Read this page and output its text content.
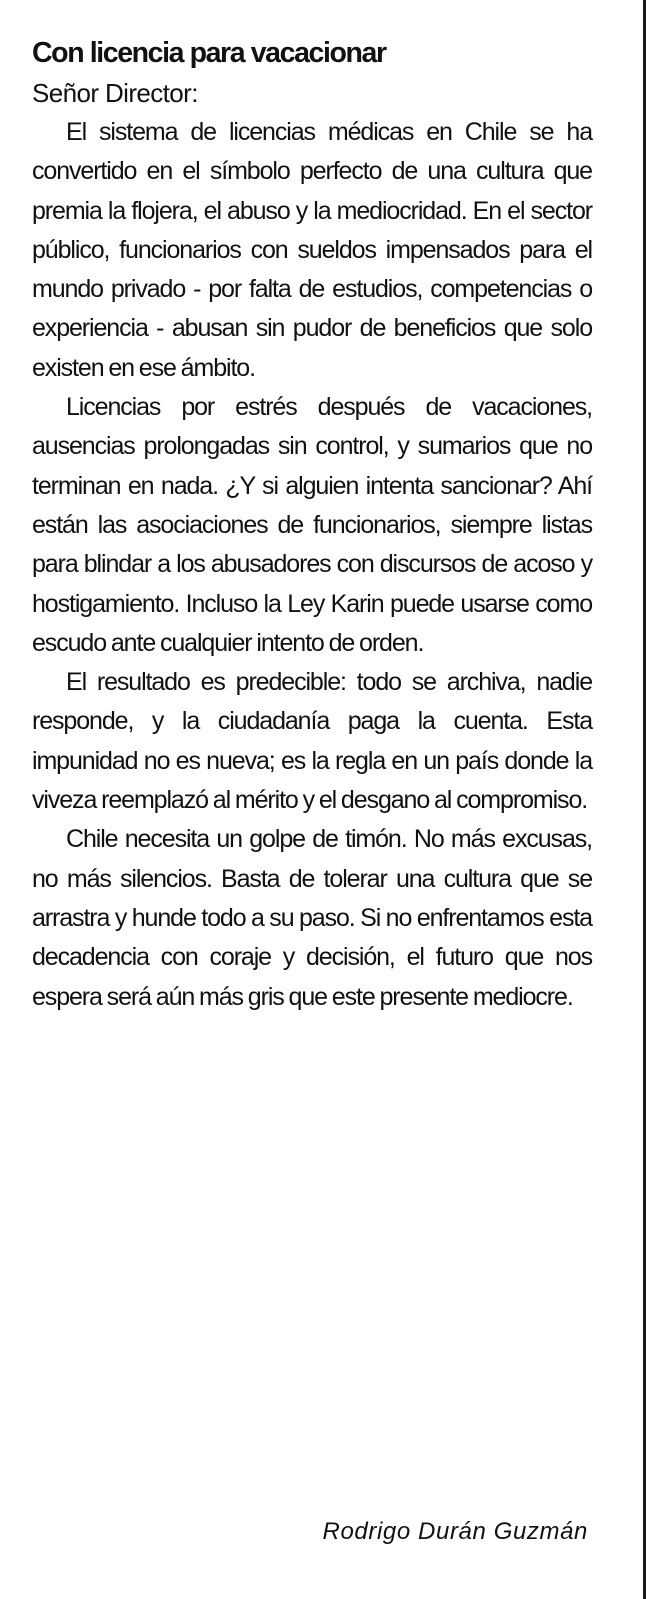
Con licencia para vacacionar

Señor Director:

El sistema de licencias médicas en Chile se ha convertido en el símbolo perfecto de una cultura que premia la flojera, el abuso y la mediocridad. En el sector público, funcionarios con sueldos impensados para el mundo privado - por falta de estudios, competencias o experiencia - abusan sin pudor de beneficios que solo existen en ese ámbito.

Licencias por estrés después de vacaciones, ausencias prolongadas sin control, y sumarios que no terminan en nada. ¿Y si alguien intenta sancionar? Ahí están las asociaciones de funcionarios, siempre listas para blindar a los abusadores con discursos de acoso y hostigamiento. Incluso la Ley Karin puede usarse como escudo ante cualquier intento de orden.

El resultado es predecible: todo se archiva, nadie responde, y la ciudadanía paga la cuenta. Esta impunidad no es nueva; es la regla en un país donde la viveza reemplazó al mérito y el desgano al compromiso.

Chile necesita un golpe de timón. No más excusas, no más silencios. Basta de tolerar una cultura que se arrastra y hunde todo a su paso. Si no enfrentamos esta decadencia con coraje y decisión, el futuro que nos espera será aún más gris que este presente mediocre.

Rodrigo Durán Guzmán
